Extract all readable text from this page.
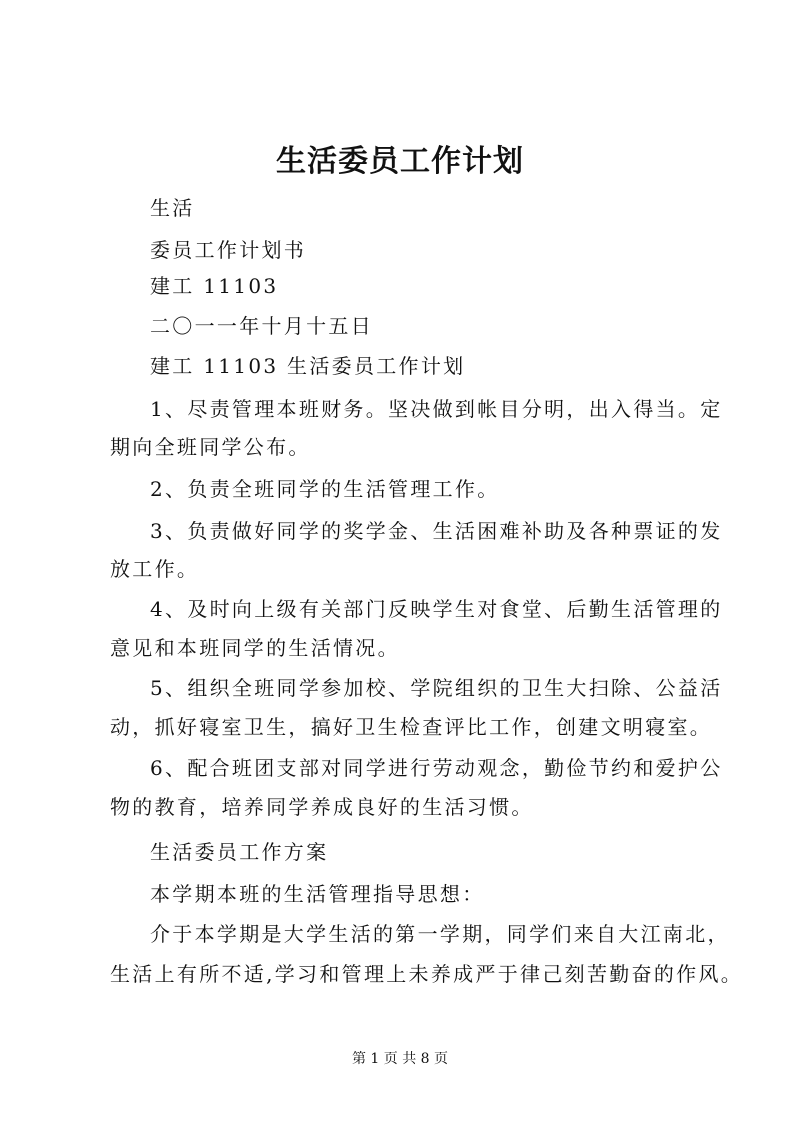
生活委员工作计划
生活
委员工作计划书
建工 11103
二〇一一年十月十五日
建工 11103 生活委员工作计划
1、尽责管理本班财务。坚决做到帐目分明，出入得当。定
期向全班同学公布。
2、负责全班同学的生活管理工作。
3、负责做好同学的奖学金、生活困难补助及各种票证的发
放工作。
4、及时向上级有关部门反映学生对食堂、后勤生活管理的
意见和本班同学的生活情况。
5、组织全班同学参加校、学院组织的卫生大扫除、公益活
动，抓好寝室卫生，搞好卫生检查评比工作，创建文明寝室。
6、配合班团支部对同学进行劳动观念，勤俭节约和爱护公
物的教育，培养同学养成良好的生活习惯。
生活委员工作方案
本学期本班的生活管理指导思想：
介于本学期是大学生活的第一学期，同学们来自大江南北，
生活上有所不适,学习和管理上未养成严于律己刻苦勤奋的作风。
第 1 页 共 8 页
